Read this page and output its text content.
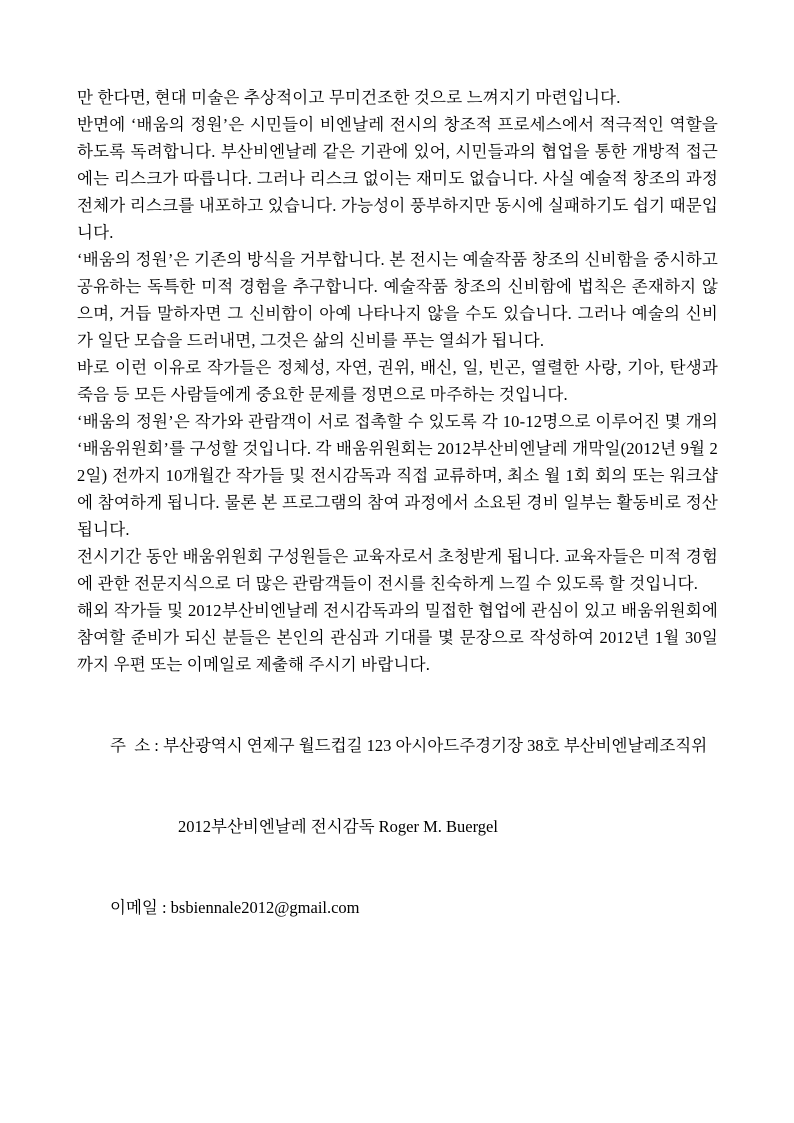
만 한다면, 현대 미술은 추상적이고 무미건조한 것으로 느껴지기 마련입니다.

반면에 ‘배움의 정원’은 시민들이 비엔날레 전시의 창조적 프로세스에서 적극적인 역할을 하도록 독려합니다. 부산비엔날레 같은 기관에 있어, 시민들과의 협업을 통한 개방적 접근에는 리스크가 따릅니다. 그러나 리스크 없이는 재미도 없습니다. 사실 예술적 창조의 과정 전체가 리스크를 내포하고 있습니다. 가능성이 풍부하지만 동시에 실패하기도 쉽기 때문입니다.

‘배움의 정원’은 기존의 방식을 거부합니다. 본 전시는 예술작품 창조의 신비함을 중시하고 공유하는 독특한 미적 경험을 추구합니다. 예술작품 창조의 신비함에 법칙은 존재하지 않으며, 거듭 말하자면 그 신비함이 아예 나타나지 않을 수도 있습니다. 그러나 예술의 신비가 일단 모습을 드러내면, 그것은 삶의 신비를 푸는 열쇠가 됩니다.

바로 이런 이유로 작가들은 정체성, 자연, 권위, 배신, 일, 빈곤, 열렬한 사랑, 기아, 탄생과 죽음 등 모든 사람들에게 중요한 문제를 정면으로 마주하는 것입니다.

‘배움의 정원’은 작가와 관람객이 서로 접촉할 수 있도록 각 10-12명으로 이루어진 몇 개의 ‘배움위원회’를 구성할 것입니다. 각 배움위원회는 2012부산비엔날레 개막일(2012년 9월 22일) 전까지 10개월간 작가들 및 전시감독과 직접 교류하며, 최소 월 1회 회의 또는 워크샵에 참여하게 됩니다. 물론 본 프로그램의 참여 과정에서 소요된 경비 일부는 활동비로 정산됩니다.

전시기간 동안 배움위원회 구성원들은 교육자로서 초청받게 됩니다. 교육자들은 미적 경험에 관한 전문지식으로 더 많은 관람객들이 전시를 친숙하게 느낄 수 있도록 할 것입니다.

해외 작가들 및 2012부산비엔날레 전시감독과의 밀접한 협업에 관심이 있고 배움위원회에 참여할 준비가 되신 분들은 본인의 관심과 기대를 몇 문장으로 작성하여 2012년 1월 30일까지 우편 또는 이메일로 제출해 주시기 바랍니다.

주  소 : 부산광역시 연제구 월드컵길 123 아시아드주경기장 38호 부산비엔날레조직위

2012부산비엔날레 전시감독 Roger M. Buergel

이메일 : bsbiennale2012@gmail.com
